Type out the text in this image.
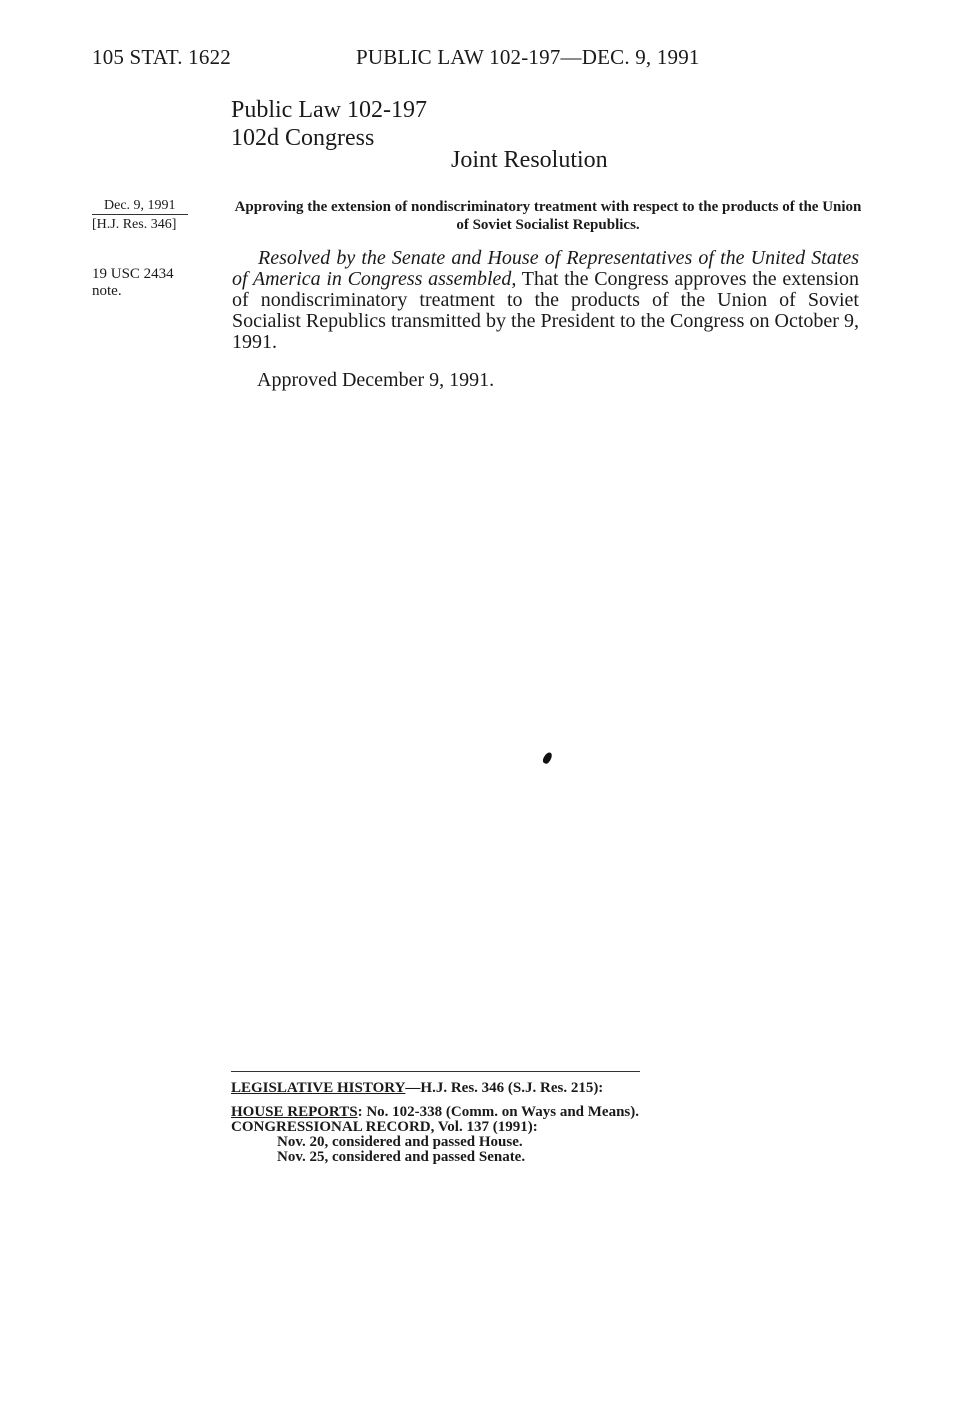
105 STAT. 1622	PUBLIC LAW 102-197—DEC. 9, 1991
Public Law 102-197
102d Congress
Joint Resolution
Dec. 9, 1991
[H.J. Res. 346]
19 USC 2434
note.
Approving the extension of nondiscriminatory treatment with respect to the products of the Union of Soviet Socialist Republics.
Resolved by the Senate and House of Representatives of the United States of America in Congress assembled, That the Congress approves the extension of nondiscriminatory treatment to the products of the Union of Soviet Socialist Republics transmitted by the President to the Congress on October 9, 1991.
Approved December 9, 1991.
LEGISLATIVE HISTORY—H.J. Res. 346 (S.J. Res. 215):
HOUSE REPORTS: No. 102-338 (Comm. on Ways and Means).
CONGRESSIONAL RECORD, Vol. 137 (1991):
Nov. 20, considered and passed House.
Nov. 25, considered and passed Senate.
